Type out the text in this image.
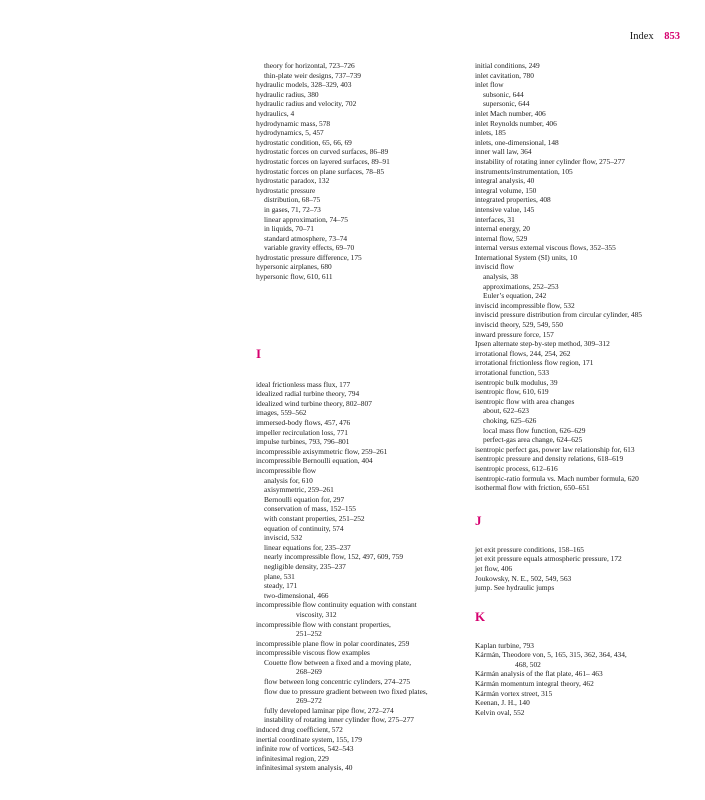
Index 853
theory for horizontal, 723–726
thin-plate weir designs, 737–739
hydraulic models, 328–329, 403
hydraulic radius, 380
hydraulic radius and velocity, 702
hydraulics, 4
hydrodynamic mass, 578
hydrodynamics, 5, 457
hydrostatic condition, 65, 66, 69
hydrostatic forces on curved surfaces, 86–89
hydrostatic forces on layered surfaces, 89–91
hydrostatic forces on plane surfaces, 78–85
hydrostatic paradox, 132
hydrostatic pressure
distribution, 68–75
in gases, 71, 72–73
linear approximation, 74–75
in liquids, 70–71
standard atmosphere, 73–74
variable gravity effects, 69–70
hydrostatic pressure difference, 175
hypersonic airplanes, 680
hypersonic flow, 610, 611
I
ideal frictionless mass flux, 177
idealized radial turbine theory, 794
idealized wind turbine theory, 802–807
images, 559–562
immersed-body flows, 457, 476
impeller recirculation loss, 771
impulse turbines, 793, 796–801
incompressible axisymmetric flow, 259–261
incompressible Bernoulli equation, 404
incompressible flow
analysis for, 610
axisymmetric, 259–261
Bernoulli equation for, 297
conservation of mass, 152–155
with constant properties, 251–252
equation of continuity, 574
inviscid, 532
linear equations for, 235–237
nearly incompressible flow, 152, 497, 609, 759
negligible density, 235–237
plane, 531
steady, 171
two-dimensional, 466
incompressible flow continuity equation with constant
viscosity, 312
incompressible flow with constant properties,
251–252
incompressible plane flow in polar coordinates, 259
incompressible viscous flow examples
Couette flow between a fixed and a moving plate,
268–269
flow between long concentric cylinders, 274–275
flow due to pressure gradient between two fixed plates,
269–272
fully developed laminar pipe flow, 272–274
instability of rotating inner cylinder flow, 275–277
induced drug coefficient, 572
inertial coordinate system, 155, 179
infinite row of vortices, 542–543
infinitesimal region, 229
infinitesimal system analysis, 40
initial conditions, 249
inlet cavitation, 780
inlet flow
subsonic, 644
supersonic, 644
inlet Mach number, 406
inlet Reynolds number, 406
inlets, 185
inlets, one-dimensional, 148
inner wall law, 364
instability of rotating inner cylinder flow, 275–277
instruments/instrumentation, 105
integral analysis, 40
integral volume, 150
integrated properties, 408
intensive value, 145
interfaces, 31
internal energy, 20
internal flow, 529
internal versus external viscous flows, 352–355
International System (SI) units, 10
inviscid flow
analysis, 38
approximations, 252–253
Euler’s equation, 242
inviscid incompressible flow, 532
inviscid pressure distribution from circular cylinder, 485
inviscid theory, 529, 549, 550
inward pressure force, 157
Ipsen alternate step-by-step method, 309–312
irrotational flows, 244, 254, 262
irrotational frictionless flow region, 171
irrotational function, 533
isentropic bulk modulus, 39
isentropic flow, 610, 619
isentropic flow with area changes
about, 622–623
choking, 625–626
local mass flow function, 626–629
perfect-gas area change, 624–625
isentropic perfect gas, power law relationship for, 613
isentropic pressure and density relations, 618–619
isentropic process, 612–616
isentropic-ratio formula vs. Mach number formula, 620
isothermal flow with friction, 650–651
J
jet exit pressure conditions, 158–165
jet exit pressure equals atmospheric pressure, 172
jet flow, 406
Joukowsky, N. E., 502, 549, 563
jump. See hydraulic jumps
K
Kaplan turbine, 793
Kármán, Theodore von, 5, 165, 315, 362, 364, 434,
468, 502
Kármán analysis of the flat plate, 461– 463
Kármán momentum integral theory, 462
Kármán vortex street, 315
Keenan, J. H., 140
Kelvin oval, 552
